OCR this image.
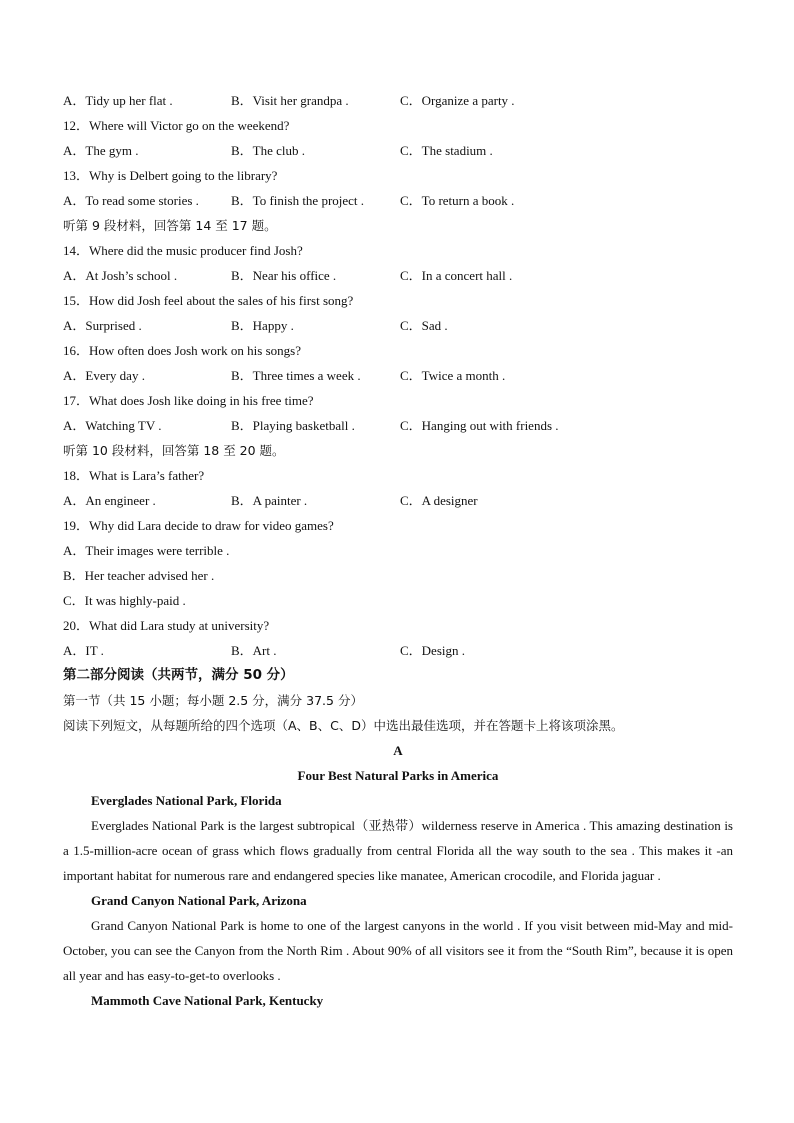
A．Tidy up her flat .	B．Visit her grandpa .	C．Organize a party .
12．Where will Victor go on the weekend?
A．The gym .	B．The club .	C．The stadium .
13．Why is Delbert going to the library?
A．To read some stories . B．To finish the project .	C．To return a book .
听第 9 段材料，回答第 14 至 17 题。
14．Where did the music producer find Josh?
A．At Josh’s school .	B．Near his office .	C．In a concert hall .
15．How did Josh feel about the sales of his first song?
A．Surprised .	B．Happy .	C．Sad .
16．How often does Josh work on his songs?
A．Every day .	B．Three times a week .	C．Twice a month .
17．What does Josh like doing in his free time?
A．Watching TV .	B．Playing basketball .	C．Hanging out with friends .
听第 10 段材料，回答第 18 至 20 题。
18．What is Lara’s father?
A．An engineer .	B．A painter .	C．A designer
19．Why did Lara decide to draw for video games?
A．Their images were terrible .
B．Her teacher advised her .
C．It was highly-paid .
20．What did Lara study at university?
A．IT .	B．Art .	C．Design .
第二部分阅读（共两节，满分 50 分）
第一节（共 15 小题；每小题 2.5 分，满分 37.5 分）
阅读下列短文，从每题所给的四个选项（A、B、C、D）中选出最佳选项，并在答题卡上将该项涂黑。
A
Four Best Natural Parks in America
Everglades National Park, Florida
Everglades National Park is the largest subtropical（亚热带）wilderness reserve in America . This amazing destination is a 1.5-million-acre ocean of grass which flows gradually from central Florida all the way south to the sea . This makes it -an important habitat for numerous rare and endangered species like manatee, American crocodile, and Florida jaguar .
Grand Canyon National Park, Arizona
Grand Canyon National Park is home to one of the largest canyons in the world . If you visit between mid-May and mid-October, you can see the Canyon from the North Rim . About 90% of all visitors see it from the “South Rim”, because it is open all year and has easy-to-get-to overlooks .
Mammoth Cave National Park, Kentucky
